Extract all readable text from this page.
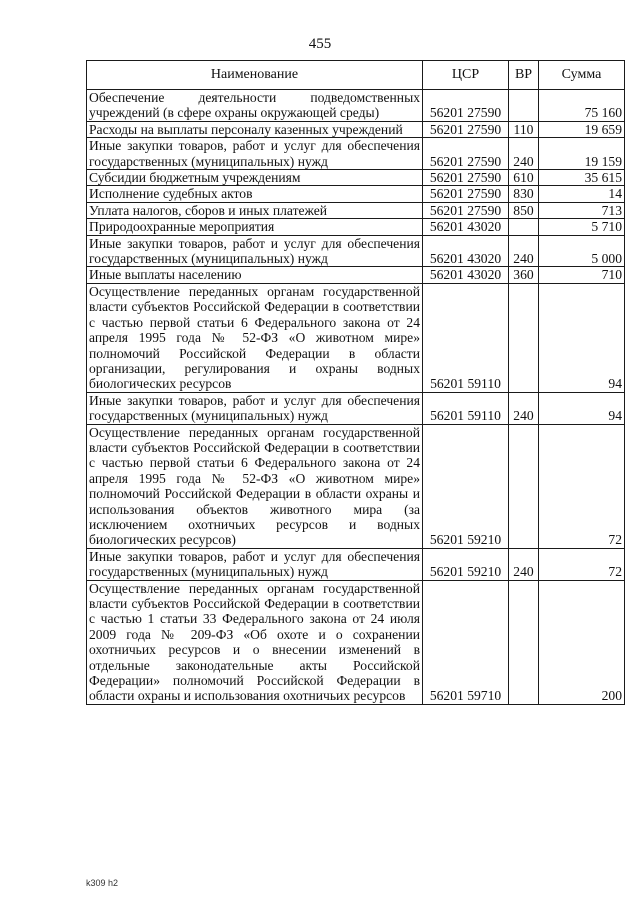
455
Наименование	ЦСР	ВР	Сумма
Обеспечение деятельности подведомственных учреждений (в сфере охраны окружающей среды)	56201 27590		75 160
Расходы на выплаты персоналу казенных учреждений	56201 27590	110	19 659
Иные закупки товаров, работ и услуг для обеспечения государственных (муниципальных) нужд	56201 27590	240	19 159
Субсидии бюджетным учреждениям	56201 27590	610	35 615
Исполнение судебных актов	56201 27590	830	14
Уплата налогов, сборов и иных платежей	56201 27590	850	713
Природоохранные мероприятия	56201 43020		5 710
Иные закупки товаров, работ и услуг для обеспечения государственных (муниципальных) нужд	56201 43020	240	5 000
Иные выплаты населению	56201 43020	360	710
Осуществление переданных органам государственной власти субъектов Российской Федерации в соответствии с частью первой статьи 6 Федерального закона от 24 апреля 1995 года № 52-ФЗ «О животном мире» полномочий Российской Федерации в области организации, регулирования и охраны водных биологических ресурсов	56201 59110		94
Иные закупки товаров, работ и услуг для обеспечения государственных (муниципальных) нужд	56201 59110	240	94
Осуществление переданных органам государственной власти субъектов Российской Федерации в соответствии с частью первой статьи 6 Федерального закона от 24 апреля 1995 года № 52-ФЗ «О животном мире» полномочий Российской Федерации в области охраны и использования объектов животного мира (за исключением охотничьих ресурсов и водных биологических ресурсов)	56201 59210		72
Иные закупки товаров, работ и услуг для обеспечения государственных (муниципальных) нужд	56201 59210	240	72
Осуществление переданных органам государственной власти субъектов Российской Федерации в соответствии с частью 1 статьи 33 Федерального закона от 24 июля 2009 года № 209-ФЗ «Об охоте и о сохранении охотничьих ресурсов и о внесении изменений в отдельные законодательные акты Российской Федерации» полномочий Российской Федерации в области охраны и использования охотничьих ресурсов	56201 59710		200
k309 h2
